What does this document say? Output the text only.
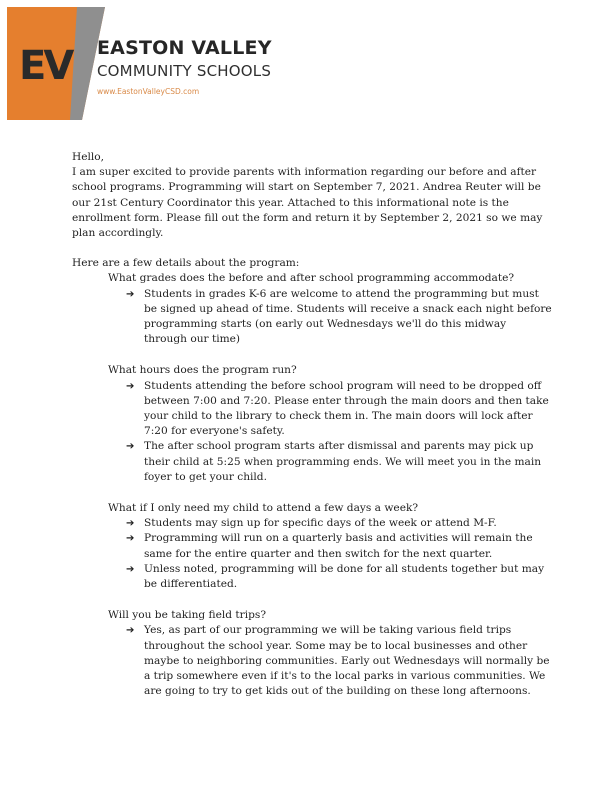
EV EASTON VALLEY
COMMUNITY SCHOOLS
www.EastonValleyCSD.com

Hello,

I am super excited to provide parents with information regarding our before and after school programs. Programming will start on September 7, 2021. Andrea Reuter will be our 21st Century Coordinator this year. Attached to this informational note is the enrollment form. Please fill out the form and return it by September 2, 2021 so we may plan accordingly.

Here are a few details about the program:

What grades does the before and after school programming accommodate?

➔ Students in grades K-6 are welcome to attend the programming but must be signed up ahead of time. Students will receive a snack each night before programming starts (on early out Wednesdays we'll do this midway through our time)

What hours does the program run?

➔ Students attending the before school program will need to be dropped off between 7:00 and 7:20. Please enter through the main doors and then take your child to the library to check them in. The main doors will lock after 7:20 for everyone's safety.
➔ The after school program starts after dismissal and parents may pick up their child at 5:25 when programming ends. We will meet you in the main foyer to get your child.

What if I only need my child to attend a few days a week?

➔ Students may sign up for specific days of the week or attend M-F.
➔ Programming will run on a quarterly basis and activities will remain the same for the entire quarter and then switch for the next quarter.
➔ Unless noted, programming will be done for all students together but may be differentiated.

Will you be taking field trips?

➔ Yes, as part of our programming we will be taking various field trips throughout the school year. Some may be to local businesses and other maybe to neighboring communities. Early out Wednesdays will normally be a trip somewhere even if it's to the local parks in various communities. We are going to try to get kids out of the building on these long afternoons.
